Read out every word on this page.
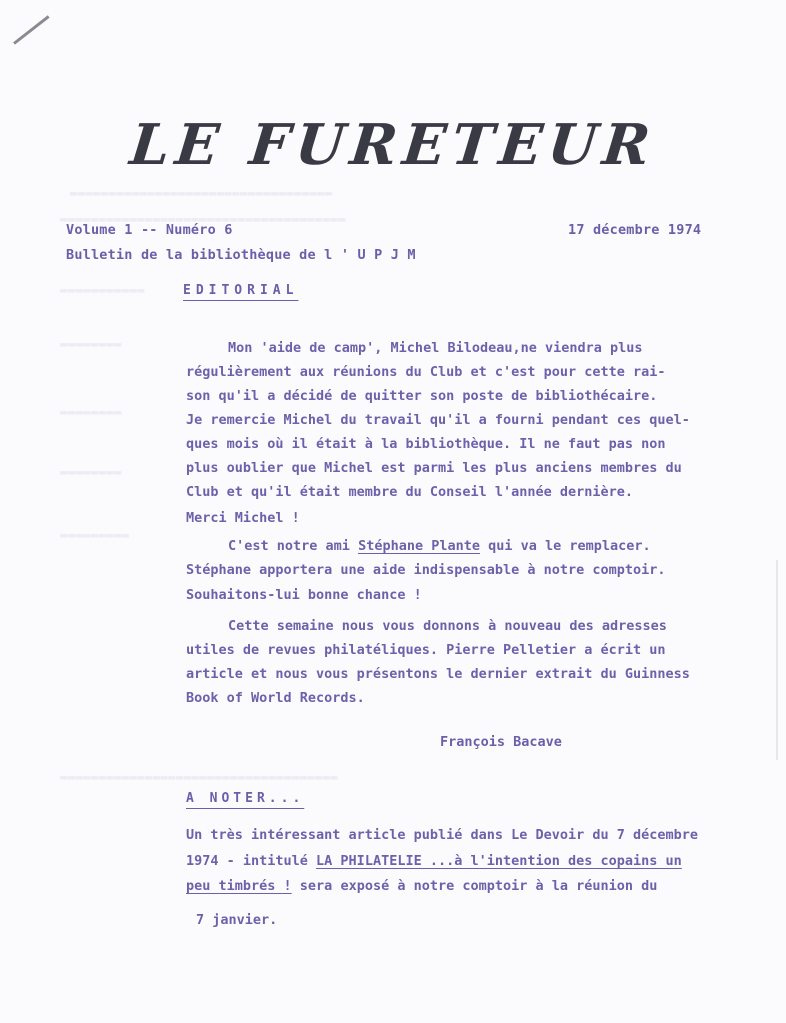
▬▬▬▬▬▬▬▬▬▬▬▬▬▬▬▬▬▬▬▬▬▬▬▬▬▬▬▬▬▬▬▬▬▬
▬▬▬▬▬▬▬▬▬▬▬▬▬▬▬▬▬▬▬▬▬▬▬▬▬▬▬▬▬▬▬▬▬▬▬▬▬
▬▬▬▬▬▬▬▬▬▬▬
▬▬▬▬▬▬▬▬
▬▬▬▬▬▬▬▬
▬▬▬▬▬▬▬▬
▬▬▬▬▬▬▬▬▬
▬▬▬▬▬▬▬▬▬▬▬▬▬▬▬▬▬▬▬▬▬▬▬▬▬▬▬▬▬▬▬▬▬▬▬▬
LE FURETEUR
Volume 1 -- Numéro 6	17 décembre 1974
Bulletin de la bibliothèque de l ' U P J M
EDITORIAL
Mon 'aide de camp', Michel Bilodeau,ne viendra plus
régulièrement aux réunions du Club et c'est pour cette rai-
son qu'il a décidé de quitter son poste de bibliothécaire.
Je remercie Michel du travail qu'il a fourni pendant ces quel-
ques mois où il était à la bibliothèque. Il ne faut pas non
plus oublier que Michel est parmi les plus anciens membres du
Club et qu'il était membre du Conseil l'année dernière.
Merci Michel !
C'est notre ami Stéphane Plante qui va le remplacer.
Stéphane apportera une aide indispensable à notre comptoir.
Souhaitons-lui bonne chance !
Cette semaine nous vous donnons à nouveau des adresses
utiles de revues philatéliques. Pierre Pelletier a écrit un
article et nous vous présentons le dernier extrait du Guinness
Book of World Records.
François Bacave
A NOTER...
Un très intéressant article publié dans Le Devoir du 7 décembre
1974 - intitulé LA PHILATELIE ...à l'intention des copains un
peu timbrés ! sera exposé à notre comptoir à la réunion du
7 janvier.
